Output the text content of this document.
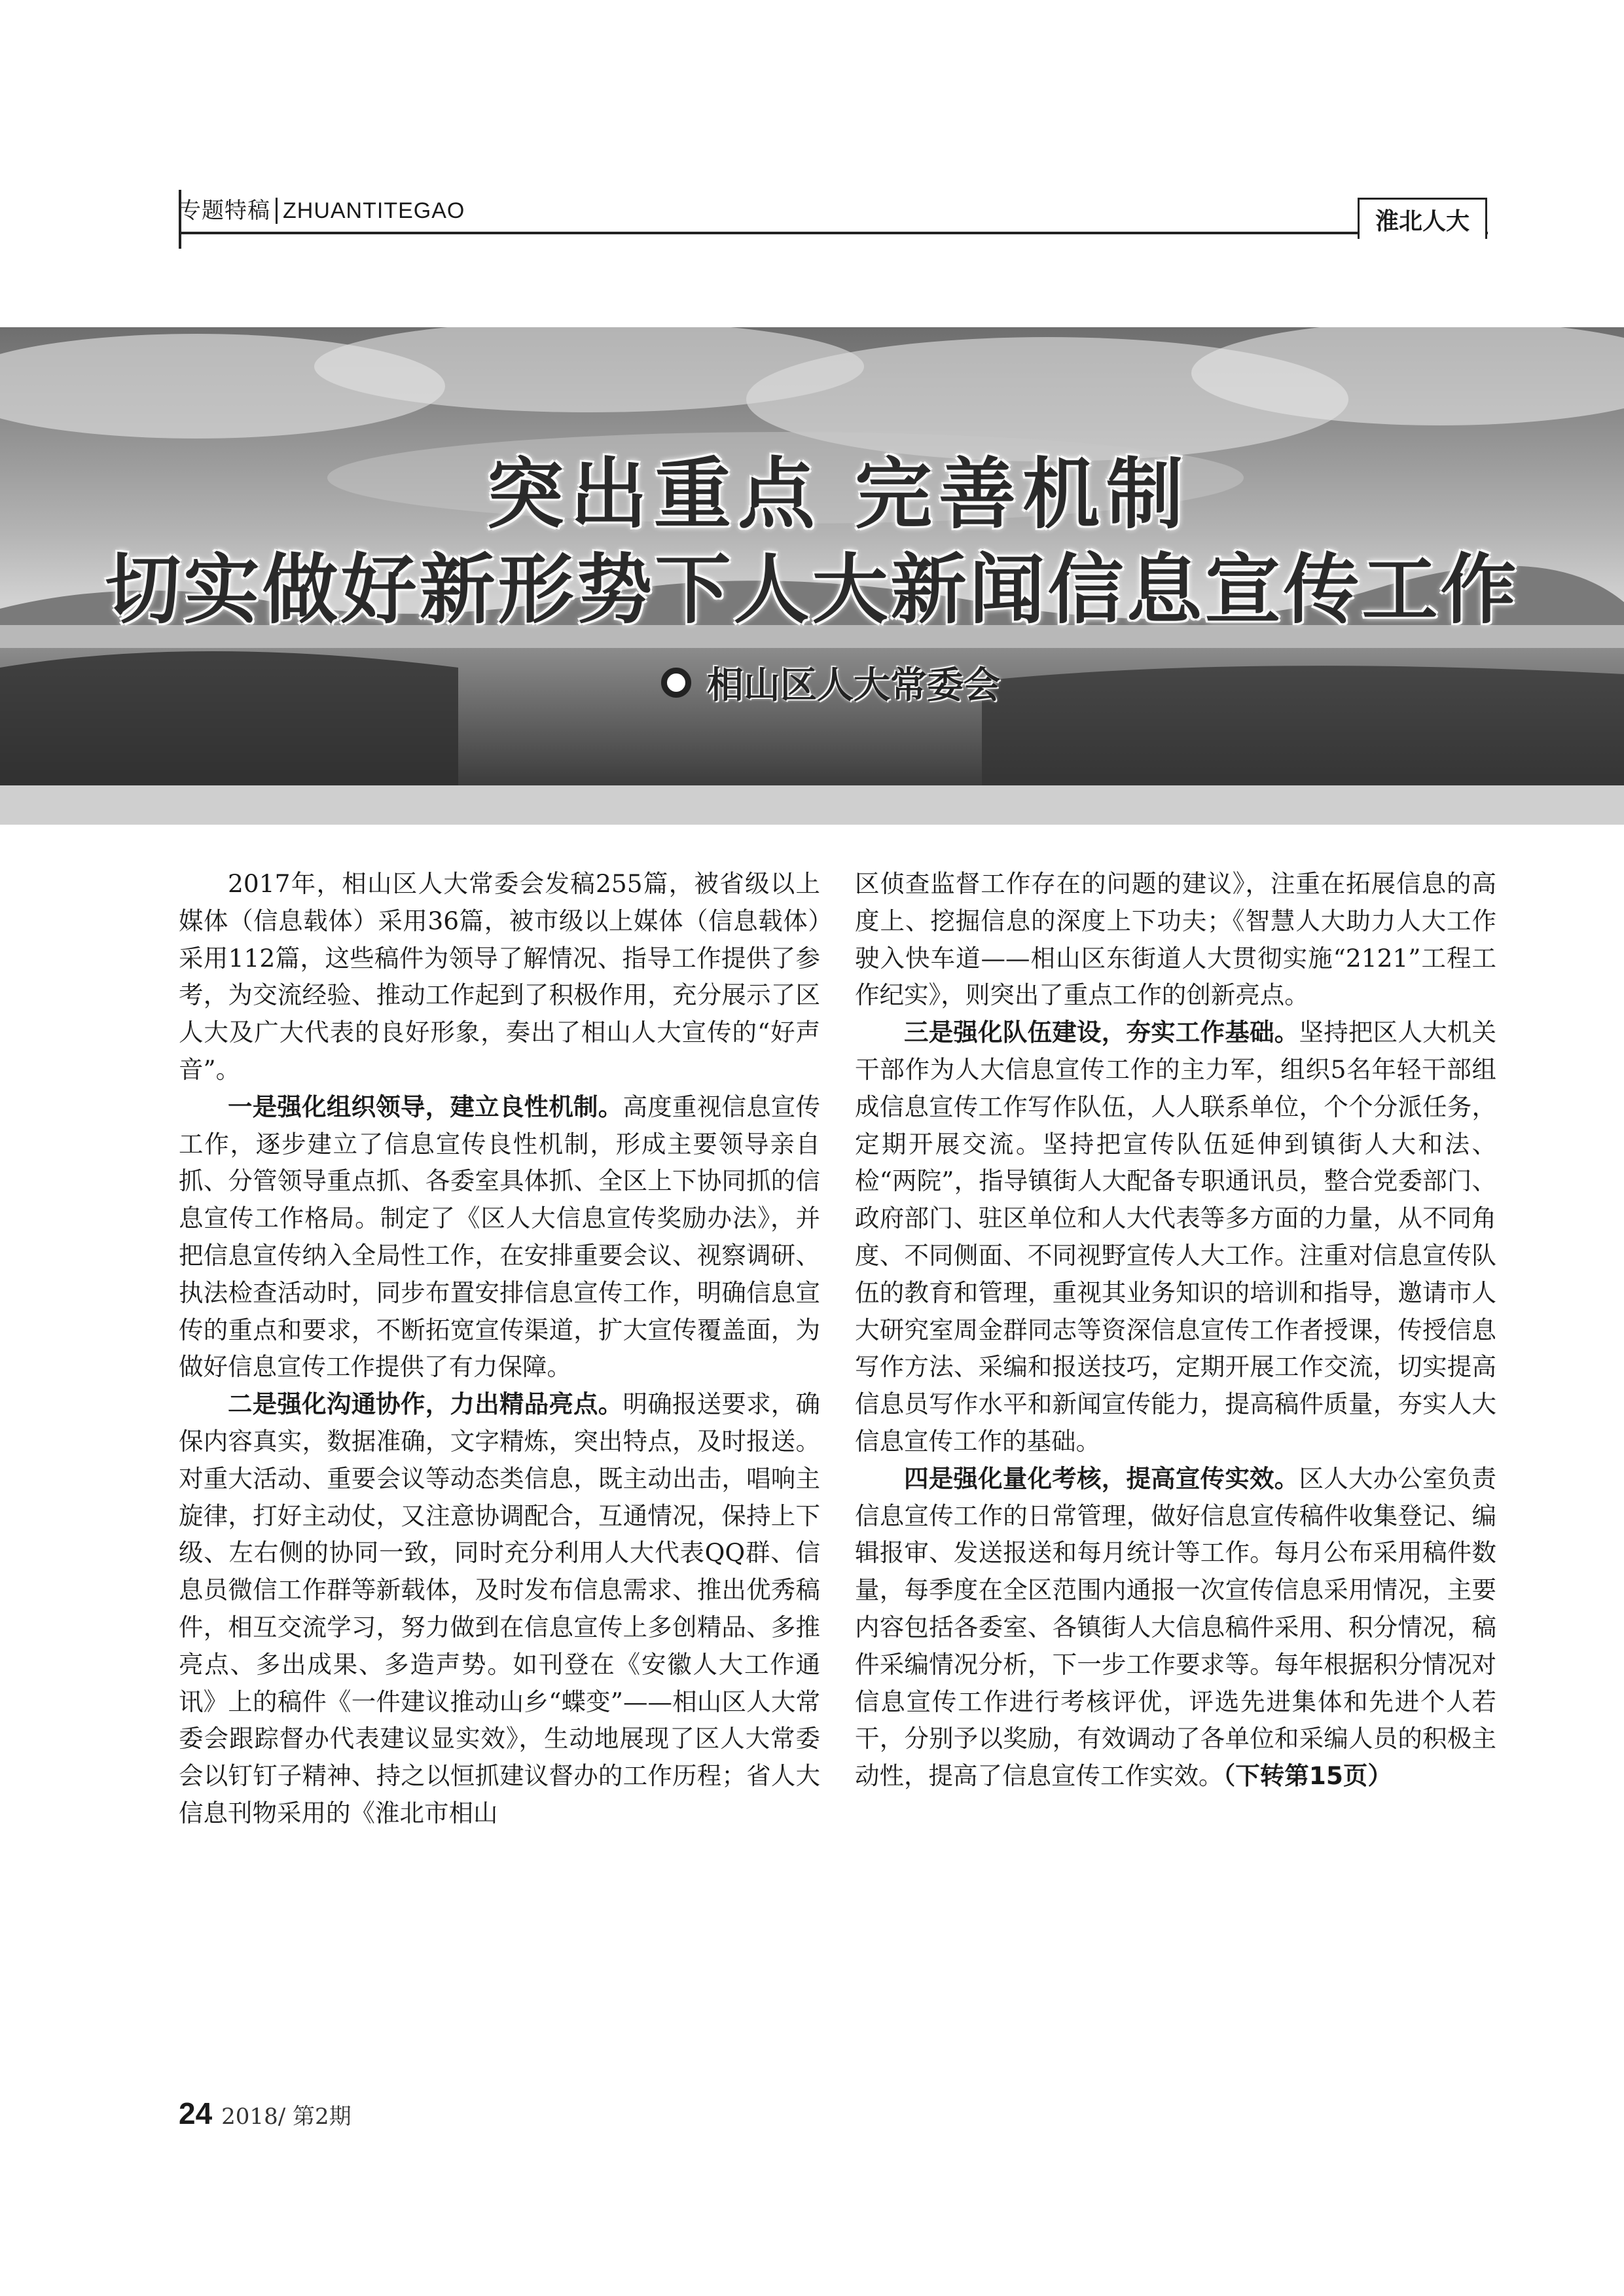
专题特稿 ZHUANTITEGAO	淮北人大
突出重点 完善机制
切实做好新形势下人大新闻信息宣传工作
相山区人大常委会

2017年，相山区人大常委会发稿255篇，被省级以上媒体（信息载体）采用36篇，被市级以上媒体（信息载体）采用112篇，这些稿件为领导了解情况、指导工作提供了参考，为交流经验、推动工作起到了积极作用，充分展示了区人大及广大代表的良好形象，奏出了相山人大宣传的“好声音”。

一是强化组织领导，建立良性机制。高度重视信息宣传工作，逐步建立了信息宣传良性机制，形成主要领导亲自抓、分管领导重点抓、各委室具体抓、全区上下协同抓的信息宣传工作格局。制定了《区人大信息宣传奖励办法》，并把信息宣传纳入全局性工作，在安排重要会议、视察调研、执法检查活动时，同步布置安排信息宣传工作，明确信息宣传的重点和要求，不断拓宽宣传渠道，扩大宣传覆盖面，为做好信息宣传工作提供了有力保障。

二是强化沟通协作，力出精品亮点。明确报送要求，确保内容真实，数据准确，文字精炼，突出特点，及时报送。对重大活动、重要会议等动态类信息，既主动出击，唱响主旋律，打好主动仗，又注意协调配合，互通情况，保持上下级、左右侧的协同一致，同时充分利用人大代表QQ群、信息员微信工作群等新载体，及时发布信息需求、推出优秀稿件，相互交流学习，努力做到在信息宣传上多创精品、多推亮点、多出成果、多造声势。如刊登在《安徽人大工作通讯》上的稿件《一件建议推动山乡“蝶变”——相山区人大常委会跟踪督办代表建议显实效》，生动地展现了区人大常委会以钉钉子精神、持之以恒抓建议督办的工作历程；省人大信息刊物采用的《淮北市相山

区侦查监督工作存在的问题的建议》，注重在拓展信息的高度上、挖掘信息的深度上下功夫；《智慧人大助力人大工作驶入快车道——相山区东街道人大贯彻实施“2121”工程工作纪实》，则突出了重点工作的创新亮点。

三是强化队伍建设，夯实工作基础。坚持把区人大机关干部作为人大信息宣传工作的主力军，组织5名年轻干部组成信息宣传工作写作队伍，人人联系单位，个个分派任务，定期开展交流。坚持把宣传队伍延伸到镇街人大和法、检“两院”，指导镇街人大配备专职通讯员，整合党委部门、政府部门、驻区单位和人大代表等多方面的力量，从不同角度、不同侧面、不同视野宣传人大工作。注重对信息宣传队伍的教育和管理，重视其业务知识的培训和指导，邀请市人大研究室周金群同志等资深信息宣传工作者授课，传授信息写作方法、采编和报送技巧，定期开展工作交流，切实提高信息员写作水平和新闻宣传能力，提高稿件质量，夯实人大信息宣传工作的基础。

四是强化量化考核，提高宣传实效。区人大办公室负责信息宣传工作的日常管理，做好信息宣传稿件收集登记、编辑报审、发送报送和每月统计等工作。每月公布采用稿件数量，每季度在全区范围内通报一次宣传信息采用情况，主要内容包括各委室、各镇街人大信息稿件采用、积分情况，稿件采编情况分析，下一步工作要求等。每年根据积分情况对信息宣传工作进行考核评优，评选先进集体和先进个人若干，分别予以奖励，有效调动了各单位和采编人员的积极主动性，提高了信息宣传工作实效。（下转第15页）

24 2018/ 第2期
